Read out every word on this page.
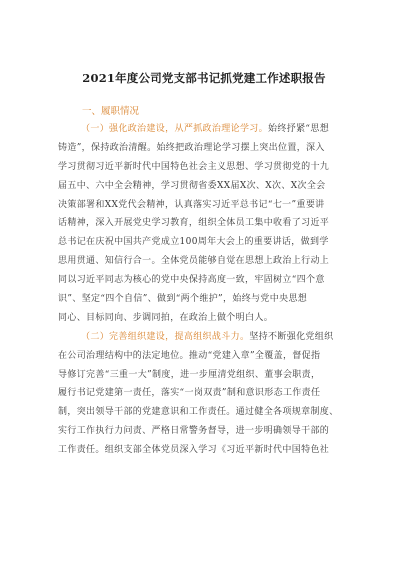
2021年度公司党支部书记抓党建工作述职报告
一、履职情况
（一）强化政治建设，从严抓政治理论学习。始终抒紧“思想
铸造”，保持政治清醒。始终把政治理论学习摆上突出位置，深入
学习贯彻习近平新时代中国特色社会主义思想、学习贯彻党的十九
届五中、六中全会精神，学习贯彻省委XX届X次、X次、X次全会
决策部署和XX党代会精神，认真落实习近平总书记“七一”重要讲
话精神，深入开展党史学习教育，组织全体员工集中收看了习近平
总书记在庆祝中国共产党成立100周年大会上的重要讲话，做到学
思用贯通、知信行合一。全体党员能够自觉在思想上政治上行动上
同以习近平同志为核心的党中央保持高度一致，牢固树立“四个意
识”、坚定“四个自信”、做到“两个维护”，始终与党中央思想
同心、目标同向、步调同拍，在政治上做个明白人。
（二）完善组织建设，提高组织战斗力。坚持不断强化党组织
在公司治理结构中的法定地位。推动“党建入章”全覆盖，督促指
导修订完善“三重一大”制度，进一步厘清党组织、董事会职责，
履行书记党建第一责任，落实“一岗双责”制和意识形态工作责任
制，突出领导干部的党建意识和工作责任。通过健全各项规章制度、
实行工作执行力问责、严格日常警务督导，进一步明确领导干部的
工作责任。组织支部全体党员深入学习《习近平新时代中国特色社
